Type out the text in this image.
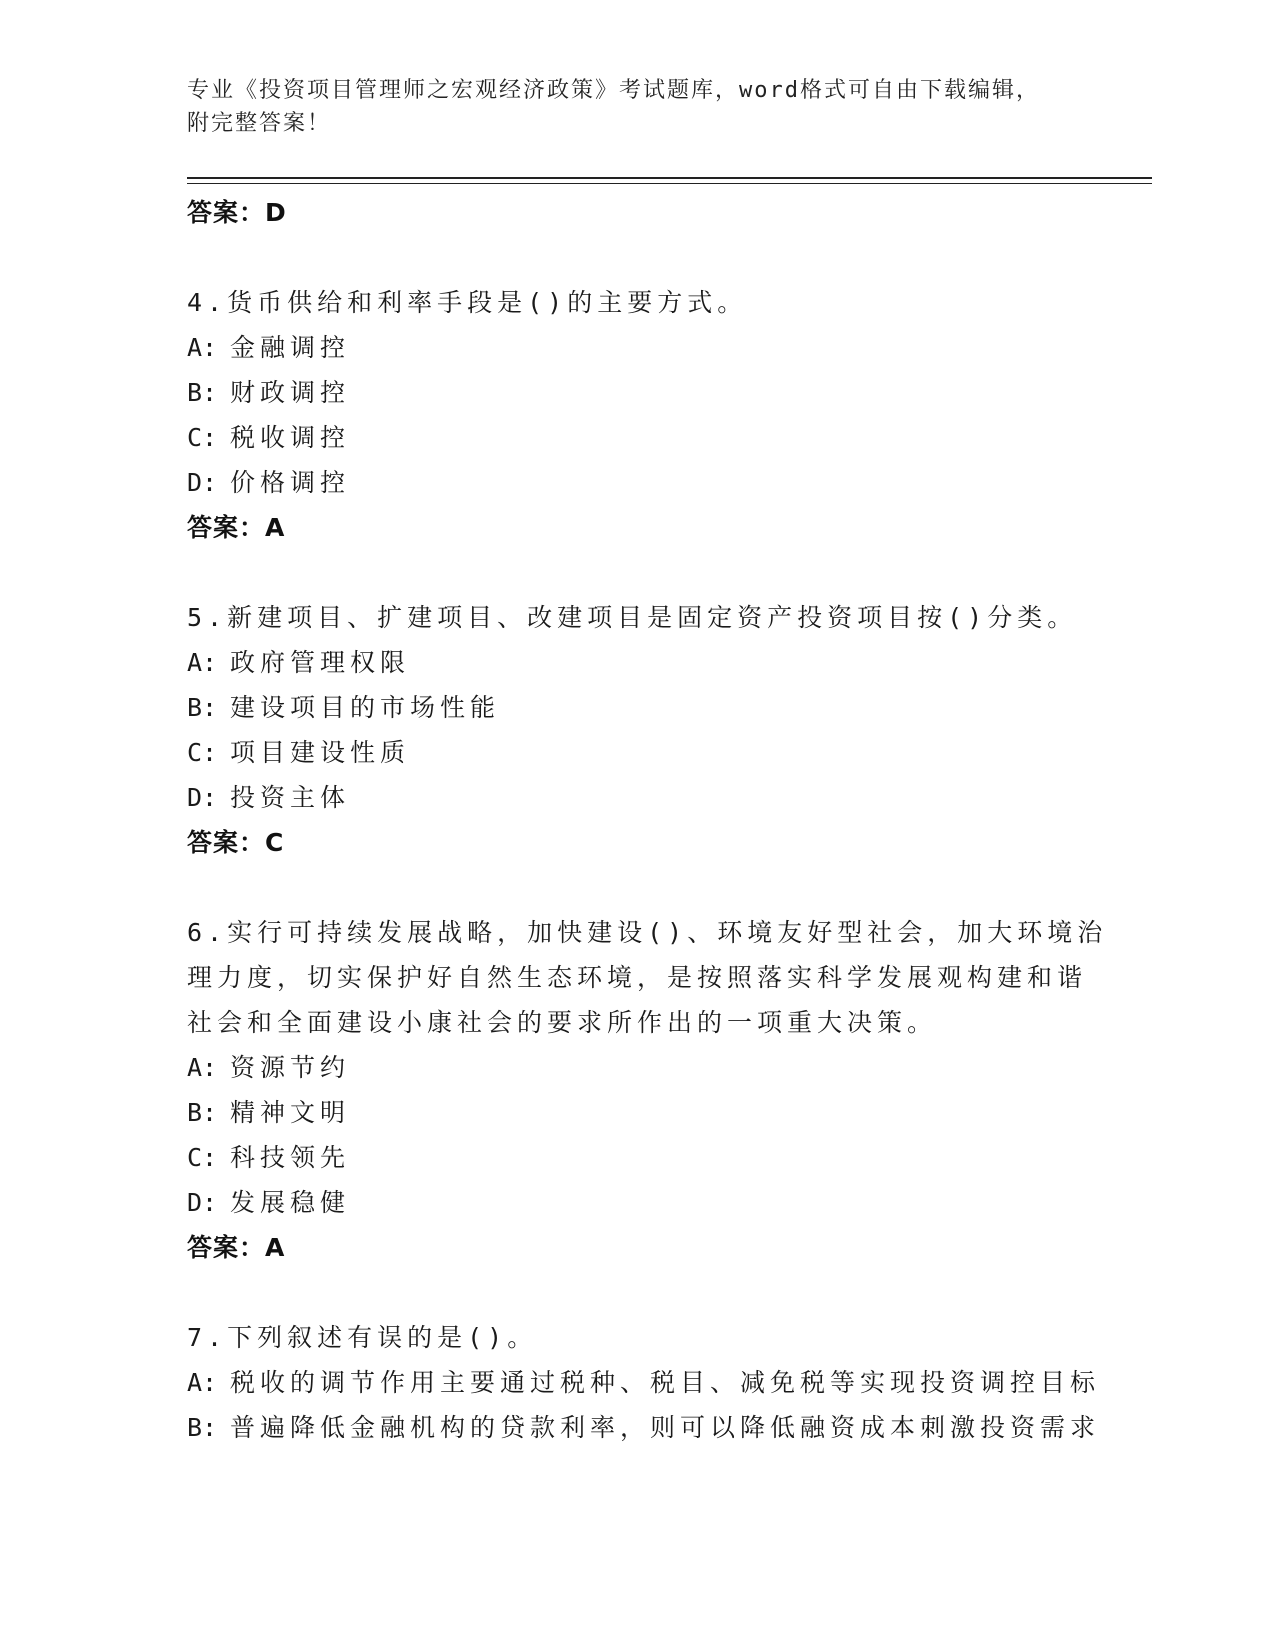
专业《投资项目管理师之宏观经济政策》考试题库，word格式可自由下载编辑，
附完整答案！
答案：D
4.货币供给和利率手段是()的主要方式。
A: 金融调控
B: 财政调控
C: 税收调控
D: 价格调控
答案：A
5.新建项目、扩建项目、改建项目是固定资产投资项目按()分类。
A: 政府管理权限
B: 建设项目的市场性能
C: 项目建设性质
D: 投资主体
答案：C
6.实行可持续发展战略，加快建设()、环境友好型社会，加大环境治
理力度，切实保护好自然生态环境，是按照落实科学发展观构建和谐
社会和全面建设小康社会的要求所作出的一项重大决策。
A: 资源节约
B: 精神文明
C: 科技领先
D: 发展稳健
答案：A
7.下列叙述有误的是()。
A: 税收的调节作用主要通过税种、税目、减免税等实现投资调控目标
B: 普遍降低金融机构的贷款利率，则可以降低融资成本刺激投资需求
